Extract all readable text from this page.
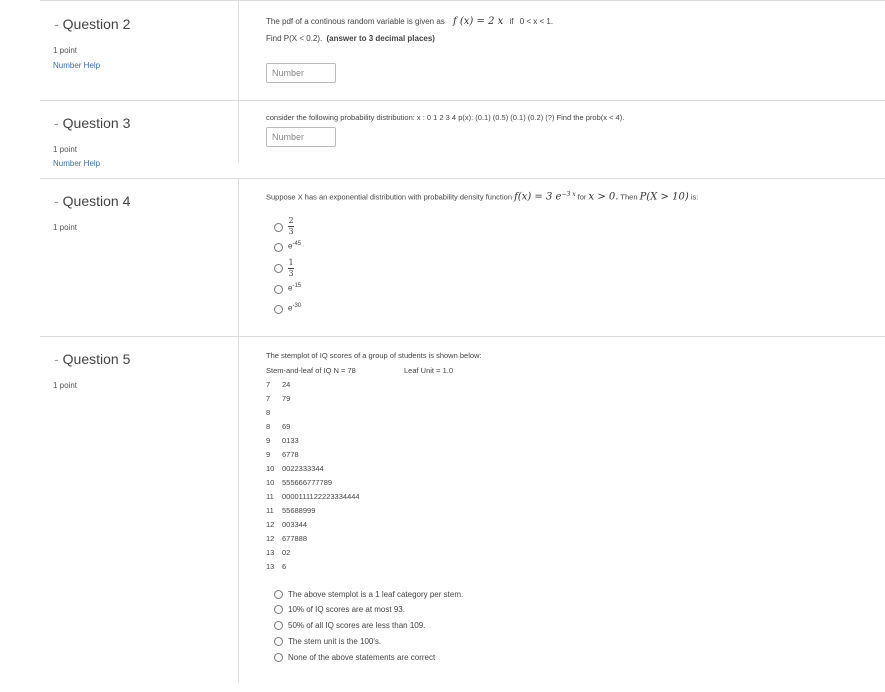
- Question 2
1 point
Number Help
The pdf of a continous random variable is given as f (x) = 2 x if 0 < x < 1.
Find P(X < 0.2). (answer to 3 decimal places)
Number
- Question 3
1 point
Number Help
consider the following probability distribution: x : 0 1 2 3 4 p(x): (0.1) (0.5) (0.1) (0.2) (?) Find the prob(x < 4).
Number
- Question 4
1 point
Suppose X has an exponential distribution with probability density function f(x) = 3 $e^{-3 x}$ for x > 0. Then P(X > 10) is:
$\frac{2}{3}$
$e^{-45}$
$\frac{1}{3}$
$e^{-15}$
$e^{-30}$
- Question 5
1 point
The stemplot of IQ scores of a group of students is shown below:
Stem-and-leaf of IQ N = 78	Leaf Unit = 1.0
7 24
7 79
8
8 69
9 0133
9 6778
10 0022333344
10 555666777789
11 0000111122223334444
11 55688999
12 003344
12 677888
13 02
13 6
The above stemplot is a 1 leaf category per stem.
10% of IQ scores are at most 93.
50% of all IQ scores are less than 109.
The stem unit is the 100's.
None of the above statements are correct
